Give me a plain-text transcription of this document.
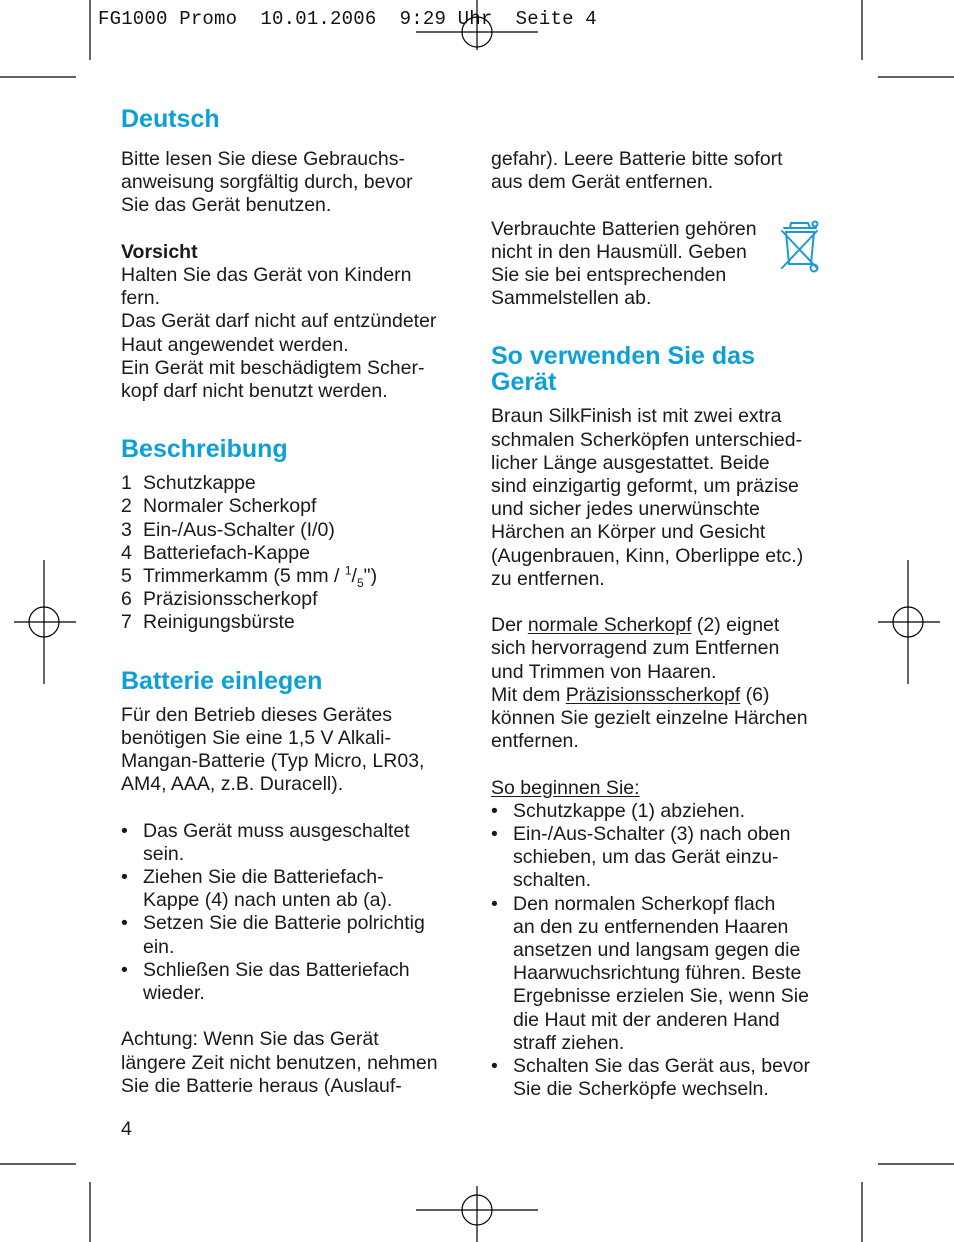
FG1000 Promo  10.01.2006  9:29 Uhr  Seite 4
Deutsch

Bitte lesen Sie diese Gebrauchs-

anweisung sorgfältig durch, bevor

Sie das Gerät benutzen.

Vorsicht

Halten Sie das Gerät von Kindern

fern.

Das Gerät darf nicht auf entzündeter

Haut angewendet werden.

Ein Gerät mit beschädigtem Scher-

kopf darf nicht benutzt werden.

Beschreibung
1 Schutzkappe
2 Normaler Scherkopf
3 Ein-/Aus-Schalter (I/0)
4 Batteriefach-Kappe
5 Trimmerkamm (5 mm / $^1/_5$")
6 Präzisionsscherkopf
7 Reinigungsbürste
Batterie einlegen

Für den Betrieb dieses Gerätes

benötigen Sie eine 1,5 V Alkali-

Mangan-Batterie (Typ Micro, LR03,

AM4, AAA, z.B. Duracell).

• Das Gerät muss ausgeschaltet
sein.
• Ziehen Sie die Batteriefach-
Kappe (4) nach unten ab (a).
• Setzen Sie die Batterie polrichtig
ein.
• Schließen Sie das Batteriefach
wieder.

Achtung: Wenn Sie das Gerät

längere Zeit nicht benutzen, nehmen

Sie die Batterie heraus (Auslauf-

gefahr). Leere Batterie bitte sofort

aus dem Gerät entfernen.

Verbrauchte Batterien gehören

nicht in den Hausmüll. Geben

Sie sie bei entsprechenden

Sammelstellen ab.

So verwenden Sie das
Gerät

Braun SilkFinish ist mit zwei extra

schmalen Scherköpfen unterschied-

licher Länge ausgestattet. Beide

sind einzigartig geformt, um präzise

und sicher jedes unerwünschte

Härchen an Körper und Gesicht

(Augenbrauen, Kinn, Oberlippe etc.)

zu entfernen.

Der normale Scherkopf (2) eignet

sich hervorragend zum Entfernen

und Trimmen von Haaren.

Mit dem Präzisionsscherkopf (6)

können Sie gezielt einzelne Härchen

entfernen.

So beginnen Sie:

• Schutzkappe (1) abziehen.
• Ein-/Aus-Schalter (3) nach oben
schieben, um das Gerät einzu-
schalten.
• Den normalen Scherkopf flach
an den zu entfernenden Haaren
ansetzen und langsam gegen die
Haarwuchsrichtung führen. Beste
Ergebnisse erzielen Sie, wenn Sie
die Haut mit der anderen Hand
straff ziehen.
• Schalten Sie das Gerät aus, bevor
Sie die Scherköpfe wechseln.
4
